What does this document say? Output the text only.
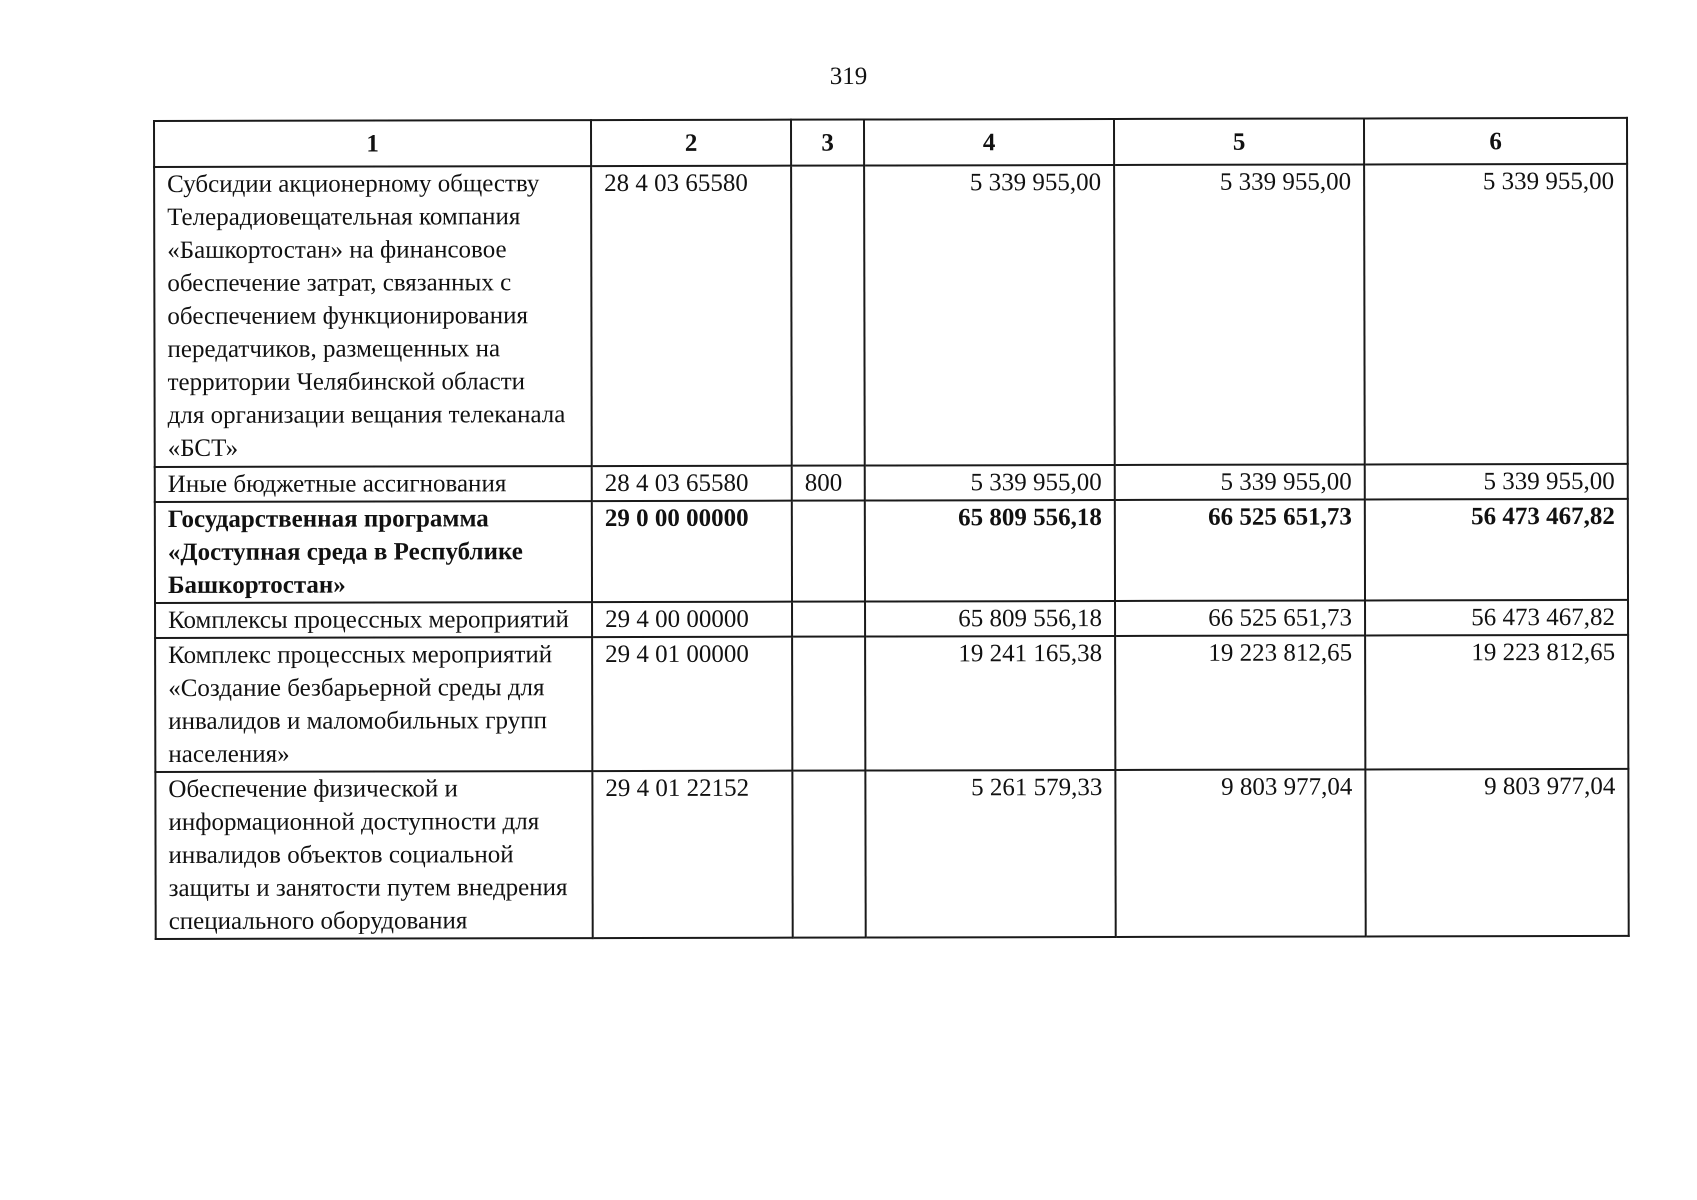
319
1	2	3	4	5	6

Субсидии акционерному обществу Телерадиовещательная компания «Башкортостан» на финансовое обеспечение затрат, связанных с обеспечением функционирования передатчиков, размещенных на территории Челябинской области для организации вещания телеканала «БСТ»	28 4 03 65580		5 339 955,00	5 339 955,00	5 339 955,00
Иные бюджетные ассигнования	28 4 03 65580	800	5 339 955,00	5 339 955,00	5 339 955,00
Государственная программа «Доступная среда в Республике Башкортостан»	29 0 00 00000		65 809 556,18	66 525 651,73	56 473 467,82
Комплексы процессных мероприятий	29 4 00 00000		65 809 556,18	66 525 651,73	56 473 467,82
Комплекс процессных мероприятий «Создание безбарьерной среды для инвалидов и маломобильных групп населения»	29 4 01 00000		19 241 165,38	19 223 812,65	19 223 812,65
Обеспечение физической и информационной доступности для инвалидов объектов социальной защиты и занятости путем внедрения специального оборудования	29 4 01 22152		5 261 579,33	9 803 977,04	9 803 977,04
